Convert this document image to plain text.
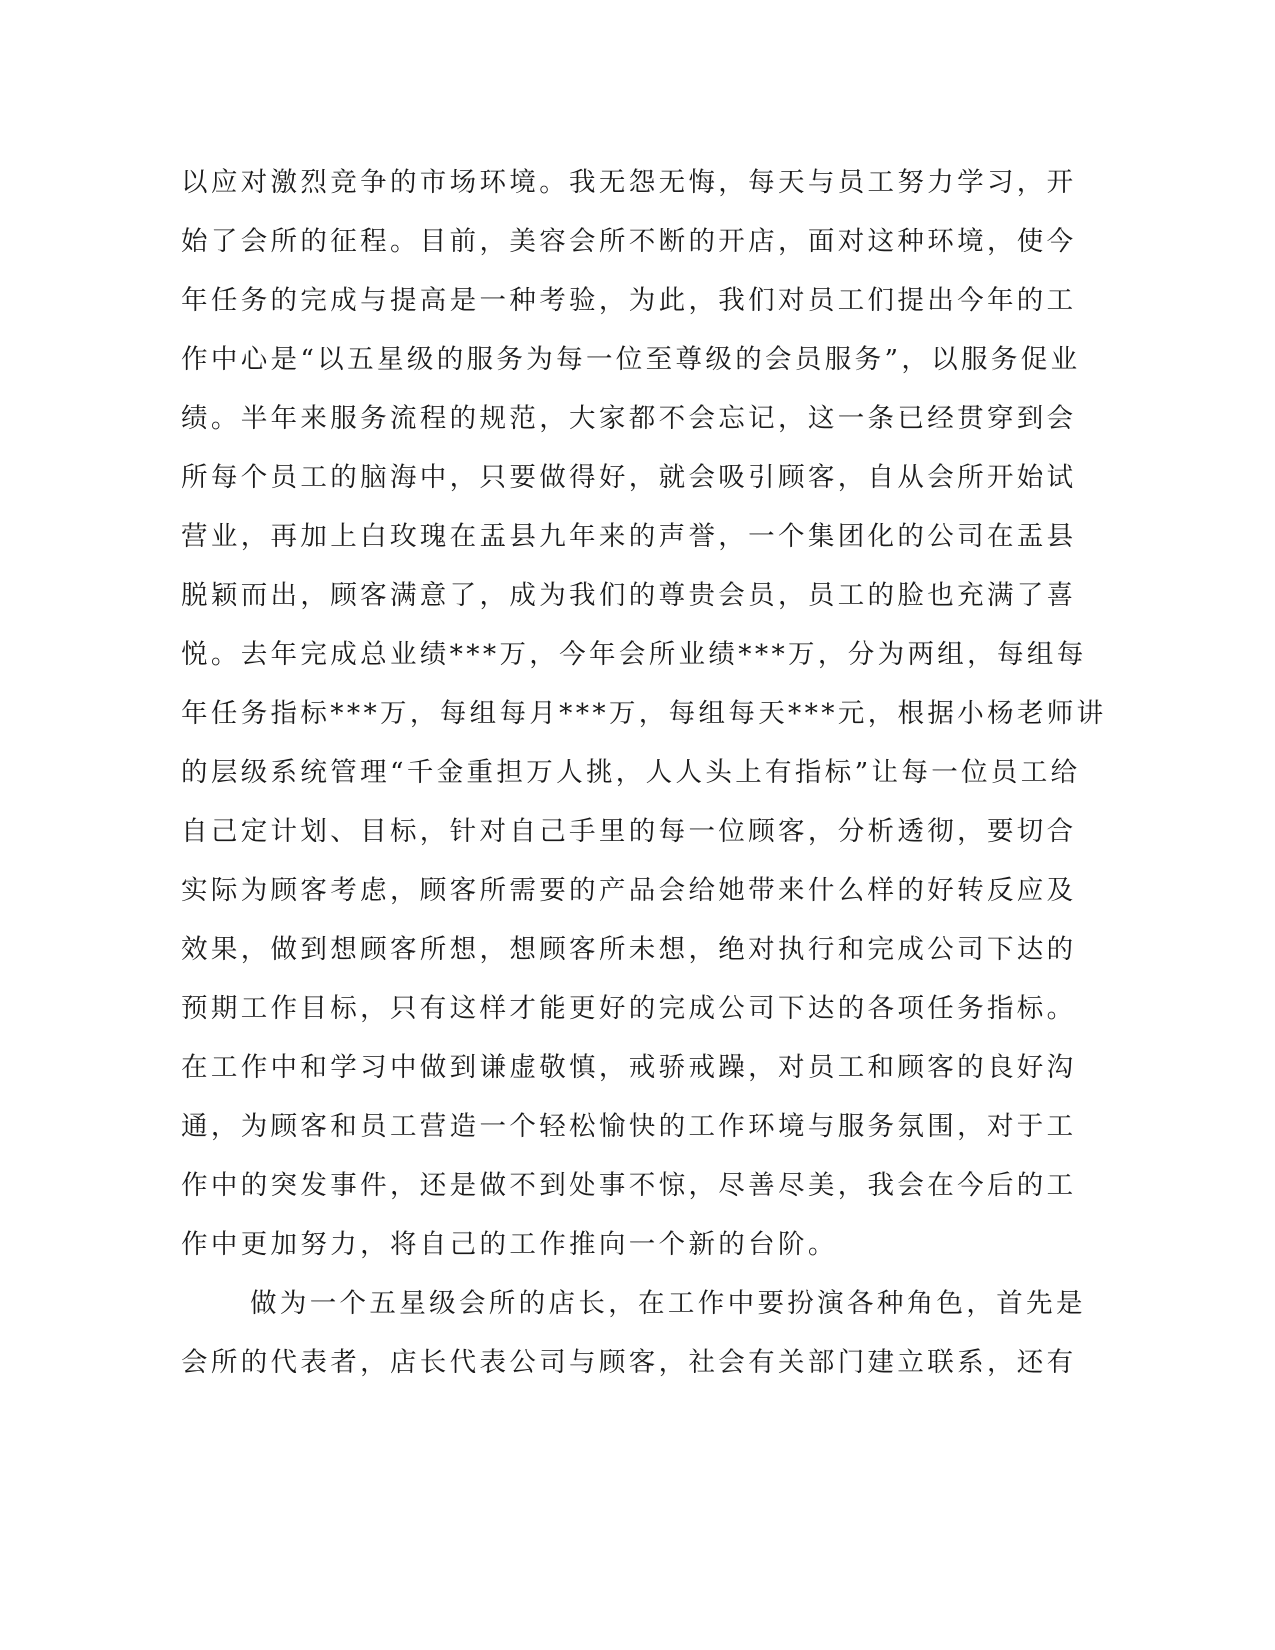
以应对激烈竞争的市场环境。我无怨无悔，每天与员工努力学习，开
始了会所的征程。目前，美容会所不断的开店，面对这种环境，使今
年任务的完成与提高是一种考验，为此，我们对员工们提出今年的工
作中心是“以五星级的服务为每一位至尊级的会员服务”，以服务促业
绩。半年来服务流程的规范，大家都不会忘记，这一条已经贯穿到会
所每个员工的脑海中，只要做得好，就会吸引顾客，自从会所开始试
营业，再加上白玫瑰在盂县九年来的声誉，一个集团化的公司在盂县
脱颖而出，顾客满意了，成为我们的尊贵会员，员工的脸也充满了喜
悦。去年完成总业绩***万，今年会所业绩***万，分为两组，每组每
年任务指标***万，每组每月***万，每组每天***元，根据小杨老师讲
的层级系统管理“千金重担万人挑，人人头上有指标”让每一位员工给
自己定计划、目标，针对自己手里的每一位顾客，分析透彻，要切合
实际为顾客考虑，顾客所需要的产品会给她带来什么样的好转反应及
效果，做到想顾客所想，想顾客所未想，绝对执行和完成公司下达的
预期工作目标，只有这样才能更好的完成公司下达的各项任务指标。
在工作中和学习中做到谦虚敬慎，戒骄戒躁，对员工和顾客的良好沟
通，为顾客和员工营造一个轻松愉快的工作环境与服务氛围，对于工
作中的突发事件，还是做不到处事不惊，尽善尽美，我会在今后的工
作中更加努力，将自己的工作推向一个新的台阶。
做为一个五星级会所的店长，在工作中要扮演各种角色，首先是
会所的代表者，店长代表公司与顾客，社会有关部门建立联系，还有
